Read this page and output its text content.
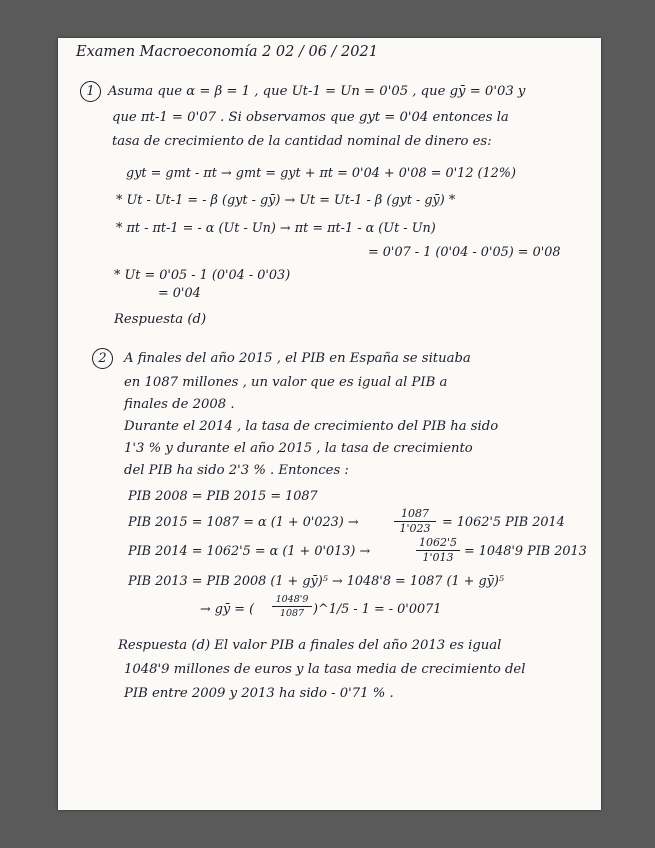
Examen Macroeconomía 2 02 / 06 / 2021
1	Asuma que α = β = 1 , que Ut-1 = Un = 0'05 , que gȳ = 0'03 y
que πt-1 = 0'07 . Si observamos que gyt = 0'04 entonces la
tasa de crecimiento de la cantidad nominal de dinero es:
gyt = gmt - πt → gmt = gyt + πt = 0'04 + 0'08 = 0'12 (12%)
* Ut - Ut-1 = - β (gyt - gȳ) → Ut = Ut-1 - β (gyt - gȳ) *
* πt - πt-1 = - α (Ut - Un) → πt = πt-1 - α (Ut - Un)
= 0'07 - 1 (0'04 - 0'05) = 0'08
* Ut = 0'05 - 1 (0'04 - 0'03)
= 0'04
Respuesta (d)
2	A finales del año 2015 , el PIB en España se situaba
en 1087 millones , un valor que es igual al PIB a
finales de 2008 .
Durante el 2014 , la tasa de crecimiento del PIB ha sido
1'3 % y durante el año 2015 , la tasa de crecimiento
del PIB ha sido 2'3 % . Entonces :
PIB 2008 = PIB 2015 = 1087
PIB 2015 = 1087 = α (1 + 0'023) →
1087
1'023 = 1062'5 PIB 2014
PIB 2014 = 1062'5 = α (1 + 0'013) →
1062'5
1'013 = 1048'9 PIB 2013
PIB 2013 = PIB 2008 (1 + gȳ)⁵ → 1048'8 = 1087 (1 + gȳ)⁵
→ gȳ = (
1048'9
1087 )^1/5 - 1 = - 0'0071
Respuesta (d) El valor PIB a finales del año 2013 es igual
1048'9 millones de euros y la tasa media de crecimiento del
PIB entre 2009 y 2013 ha sido - 0'71 % .
